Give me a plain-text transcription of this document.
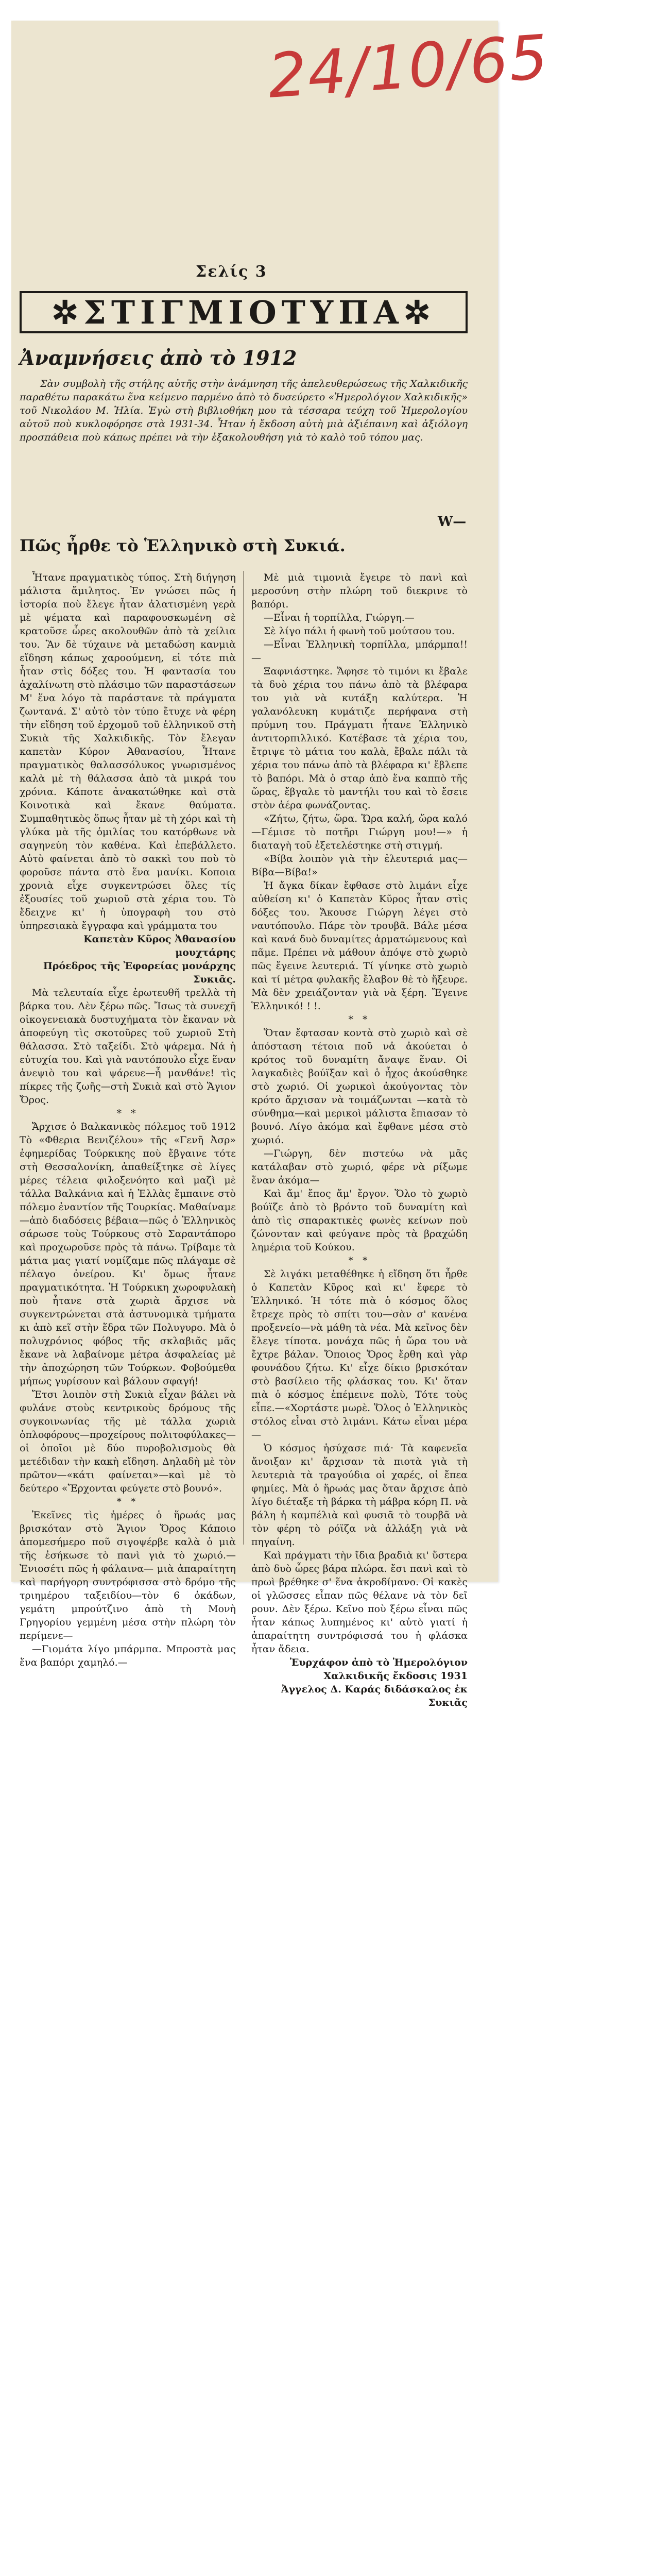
24/10/65
Σελίς 3
✲ΣΤΙΓΜΙΟΤΥΠΑ✲
Ἀναμνήσεις ἀπὸ τὸ 1912
Σὰν συμβολὴ τῆς στήλης αὐτῆς στὴν ἀνάμνηση τῆς ἀπελευθερώσεως τῆς Χαλκιδικῆς παραθέτω παρακάτω ἕνα κείμενο παρμένο ἀπὸ τὸ δυσεύρετο «Ἡμερολόγιον Χαλκιδικῆς» τοῦ Νικολάου Μ. Ἠλία. Ἐγὼ στὴ βιβλιοθήκη μου τὰ τέσσαρα τεύχη τοῦ Ἡμερολογίου αὐτοῦ ποὺ κυκλοφόρησε στὰ 1931-34. Ἦταν ἡ ἔκδοση αὐτὴ μιὰ ἀξιέπαινη καὶ ἀξιόλογη προσπάθεια ποὺ κάπως πρέπει νὰ τὴν ἐξακολουθήση γιὰ τὸ καλὸ τοῦ τόπου μας.
W—
Πῶς ἦρθε τὸ Ἑλληνικὸ στὴ Συκιά.

Ἦτανε πραγματικὸς τύπος. Στὴ διήγηση μάλιστα ἄμιλητος. Ἐν γνώσει πῶς ἡ ἱστορία ποὺ ἔλεγε ἦταν ἀλατισμένη γερὰ μὲ ψέματα καὶ παραφουσκωμένη σὲ κρατοῦσε ὧρες ακολουθῶν ἀπὸ τὰ χείλια του. Ἂν δὲ τύχαινε νὰ μεταδώση κανμιὰ εἴδηση κάπως χαροούμενη, εἰ τότε πιὰ ἦταν στὶς δόξες του. Ἡ φαντασία του ἀχαλίνωτη στὸ πλάσιμο τῶν παραστάσεων Μ' ἕνα λόγο τὰ παράστανε τὰ πράγματα ζωντανά. Σ' αὐτὸ τὸν τύπο ἔτυχε νὰ φέρη τὴν εἴδηση τοῦ ἐρχομοῦ τοῦ ἑλληνικοῦ στὴ Συκιὰ τῆς Χαλκιδικῆς. Τὸν ἔλεγαν καπετὰν Κύρον Ἀθανασίου, Ἦτανε πραγματικὸς θαλασσόλυκος γνωρισμένος καλὰ μὲ τὴ θάλασσα ἀπὸ τὰ μικρά του χρόνια. Κάποτε ἀνακατώθηκε καὶ στὰ Κοινοτικὰ καὶ ἔκανε θαύματα. Συμπαθητικὸς ὅπως ἦταν μὲ τὴ χόρι καὶ τὴ γλύκα μὰ τῆς ὁμιλίας του κατόρθωνε νὰ σαγηνεύη τὸν καθένα. Καὶ ἐπεβάλλετο. Αὐτὸ φαίνεται ἀπὸ τὸ σακκὶ του ποὺ τὸ φοροῦσε πάντα στὸ ἕνα μανίκι. Κοποια χρονιὰ εἶχε συγκεντρώσει ὅλες τίς ἐξουσίες τοῦ χωριοῦ στὰ χέρια του. Τὸ ἔδειχνε κι' ἡ ὑπογραφὴ του στὸ ὑπηρεσιακὰ ἔγγραφα καὶ γράμματα του

Καπετὰν Κῦρος Ἀθανασίου μουχτάρης

Πρόεδρος τῆς Ἐφορείας μονάρχης Συκιᾶς.

Μὰ τελευταία εἶχε ἐρωτευθῆ τρελλὰ τὴ βάρκα του. Δὲν ξέρω πῶς. Ἴσως τὰ συνεχῆ οἰκογενειακὰ δυστυχήματα τὸν ἔκαναν νὰ ἀποφεύγη τὶς σκοτοῦρες τοῦ χωριοῦ Στὴ θάλασσα. Στὸ ταξείδι. Στὸ ψάρεμα. Νά ἡ εὐτυχία του. Καὶ γιὰ ναυτόπουλο εἶχε ἕναν ἀνεψιὸ του καὶ ψάρευε—ἦ μανθάνε! τὶς πίκρες τῆς ζωῆς—στὴ Συκιὰ καὶ στὸ Ἅγιον Ὄρος.

* *

Ἄρχισε ὁ Βαλκανικὸς πόλεμος τοῦ 1912 Τὸ «Φθερια Βενιζέλου» τῆς «Γενῆ Ἀσρ» ἐφημερίδας Τούρκικης ποὺ ἔβγαινε τότε στὴ Θεσσαλονίκη, ἀπαθείξτηκε σὲ λίγες μέρες τέλεια φιλοξενόητο καὶ μαζὶ μὲ τάλλα Βαλκάνια καὶ ἡ Ἑλλὰς ἔμπαινε στὸ πόλεμο ἐναντίον τῆς Τουρκίας. Μαθαίναμε—ἀπὸ διαδόσεις βέβαια—πῶς ὁ Ἑλληνικὸς σάρωσε τοὺς Τούρκους στὸ Σαραντάπορο καὶ προχωροῦσε πρὸς τὰ πάνω. Τρίβαμε τὰ μάτια μας γιατί νομίζαμε πῶς πλάγαμε σὲ πέλαγο ὀνείρου. Κι' ὅμως ἦτανε πραγματικότητα. Ἡ Τούρκικη χωροφυλακὴ ποὺ ἦτανε στὰ χωριὰ ἄρχισε νὰ συγκεντρώνεται στὰ ἀστυνομικὰ τμήματα κι ἀπὸ κεῖ στὴν ἕδρα τῶν Πολυγυρο. Μὰ ὁ πολυχρόνιος φόβος τῆς σκλαβιᾶς μᾶς ἔκανε νὰ λαβαίνομε μέτρα ἀσφαλείας μὲ τὴν ἀποχώρηση τῶν Τούρκων. Φοβούμεθα μήπως γυρίσουν καὶ βάλουν σφαγή!

Ἔτσι λοιπὸν στὴ Συκιὰ εἶχαν βάλει νὰ φυλάνε στοὺς κεντρικοὺς δρόμους τῆς συγκοινωνίας τῆς μὲ τάλλα χωριὰ ὁπλοφόρους—προχείρους πολιτοφύλακες—οἱ ὁποῖοι μὲ δύο πυροβολισμοὺς θὰ μετέδιδαν τὴν κακὴ εἴδηση. Δηλαδὴ μὲ τὸν πρῶτον—«κάτι φαίνεται»—καὶ μὲ τὸ δεύτερο «Ἔρχονται φεύγετε στὸ βουνό».

* *

Ἐκεῖνες τὶς ἡμέρες ὁ ἥρωάς μας βρισκόταν στὸ Ἅγιον Ὄρος Κάποιο ἀπομεσήμερο ποῦ σιγοψέρβε καλὰ ὁ μιὰ τῆς ἐσήκωσε τὸ πανὶ γιὰ τὸ χωριό.—Ἐνιοσέτι πῶς ἡ φάλαινα— μιὰ ἀπαραίτητη καὶ παρήγορη συντρόφισσα στὸ δρόμο τῆς τριημέρου ταξειδίου—τὸν 6 ὀκάδων, γεμάτη μπρούτζινο ἀπὸ τὴ Μονὴ Γρηγορίου γεμμένη μέσα στὴν πλώρη τὸν περίμενε—

—Γιομάτα λίγο μπάρμπα. Μπροστὰ μας ἕνα βαπόρι χαμηλό.—

Μὲ μιὰ τιμονιὰ ἔγειρε τὸ πανὶ καὶ μεροσύνη στὴν πλώρη τοῦ διεκρινε τὸ βαπόρι.

—Εἶναι ἡ τορπίλλα, Γιώργη.—

Σὲ λίγο πάλι ἡ φωνὴ τοῦ μούτσου του.

—Εἶναι Ἑλληνικὴ τορπίλλα, μπάρμπα!!—

Ξαφνιάστηκε. Ἄφησε τὸ τιμόνι κι ἔβαλε τὰ δυὸ χέρια του πάνω ἀπὸ τὰ βλέφαρα του γιὰ νὰ κυτάξη καλύτερα. Ἡ γαλανόλευκη κυμάτιζε περήφανα στὴ πρύμνη του. Πράγματι ἦτανε Ἑλληνικὸ ἀντιτορπιλλικό. Κατέβασε τὰ χέρια του, ἔτριψε τὸ μάτια του καλὰ, ἔβαλε πάλι τὰ χέρια του πάνω ἀπὸ τὰ βλέφαρα κι' ἔβλεπε τὸ βαπόρι. Μὰ ὁ σταρ ἀπὸ ἕνα καππὸ τῆς ὥρας, ἔβγαλε τὸ μαντήλι του καὶ τὸ ἔσειε στὸν ἀέρα φωνάζοντας.

«Ζήτω, ζήτω, ὥρα. Ὥρα καλή, ὥρα καλό—Γέμισε τὸ ποτῆρι Γιώργη μου!—» ἡ διαταγὴ τοῦ ἐξετελέστηκε στὴ στιγμή.

«Βίβα λοιπὸν γιὰ τὴν ἐλευτεριά μας—Βίβα—Βίβα!»

Ἡ ἄγκα δίκαν ἔφθασε στὸ λιμάνι εἶχε αὐθείση κι' ὁ Καπετὰν Κῦρος ἦταν στὶς δόξες του. Ἄκουσε Γιώργη λέγει στὸ ναυτόπουλο. Πάρε τὸν τρουβᾶ. Βάλε μέσα καὶ κανά δυὸ δυναμίτες ἀρματώμενους καὶ πᾶμε. Πρέπει νὰ μάθουν ἀπόψε στὸ χωριὸ πῶς ἔγεινε λευτεριά. Τί γίνηκε στὸ χωριὸ καὶ τί μέτρα φυλακῆς ἔλαβον θὲ τὸ ἤξευρε. Μὰ δὲν χρειάζονταν γιὰ νὰ ξέρη. Ἔγεινε Ἑλληνικό! ! !.

* *

Ὅταν ἔφτασαν κοντὰ στὸ χωριὸ καὶ σὲ ἀπόσταση τέτοια ποῦ νἀ ἀκούεται ὁ κρότος τοῦ δυναμίτη ἄναψε ἕναν. Οἱ λαγκαδιὲς βούϊξαν καὶ ὁ ἦχος ἀκούσθηκε στὸ χωριό. Οἱ χωρικοὶ ἀκούγοντας τὸν κρότο ἄρχισαν νὰ τοιμάζωνται —κατὰ τὸ σύνθημα—καὶ μερικοὶ μάλιστα ἔπιασαν τὸ βουνό. Λίγο ἀκόμα καὶ ἔφθανε μέσα στὸ χωριό.

—Γιώργη, δὲν πιστεύω νὰ μᾶς κατάλαβαν στὸ χωριό, φέρε νὰ ρίξωμε ἕναν ἀκόμα—

Καὶ ἄμ' ἔπος ἄμ' ἔργον. Ὅλο τὸ χωριὸ βούϊζε ἀπὸ τὸ βρόντο τοῦ δυναμίτη καὶ ἀπὸ τὶς σπαρακτικὲς φωνὲς κείνων ποὺ ζώνονταν καὶ φεύγανε πρὸς τὰ βραχώδη λημέρια τοῦ Κούκου.

* *

Σὲ λιγάκι μεταθέθηκε ἡ εἴδηση ὅτι ἦρθε ὁ Καπετὰν Κῦρος καὶ κι' ἔφερε τὸ Ἑλληνικό. Ἡ τότε πιὰ ὁ κόσμος ὅλος ἔτρεχε πρὸς τὸ σπίτι του—σὰν σ' κανένα προξενείο—νὰ μάθη τὰ νέα. Μὰ κεῖνος δὲν ἔλεγε τίποτα. μονάχα πῶς ἡ ὥρα του νὰ ἔχτρε βάλαν. Ὄποιος Ὄρος ἔρθη καὶ γὰρ φουνάδου ζήτω. Κι' εἶχε δίκιο βρισκόταν στὸ βασίλειο τῆς φλάσκας του. Κι' ὅταν πιὰ ὁ κόσμος ἐπέμεινε πολὺ, Τότε τοὺς εἶπε.—«Χορτάστε μωρὲ. Ὅλος ὁ Ἑλληνικὸς στόλος εἶναι στὸ λιμάνι. Κάτω εἶναι μέρα—

Ὁ κόσμος ἡσύχασε πιά· Τὰ καφενεῖα ἄνοιξαν κι' ἄρχισαν τὰ πιοτὰ γιὰ τὴ λευτεριὰ τὰ τραγούδια οἱ χαρές, οἱ ἔπεα φημίες. Μὰ ὁ ἥρωάς μας ὅταν ἄρχισε ἀπὸ λίγο διέταξε τὴ βάρκα τὴ μάβρα κόρη Π. νὰ βάλη ἡ καμπέλιὰ καὶ φυσιᾶ τὸ τουρβᾶ νὰ τὸν φέρη τὸ ρόϊζα νὰ ἀλλάξη γιὰ νὰ πηγαίνη.

Καὶ πράγματι τὴν ἴδια βραδιὰ κι' ὕστερα ἀπὸ δυὸ ὧρες βάρα πλώρα. ἔσι πανὶ καὶ τὸ πρωὶ βρέθηκε σ' ἕνα ἀκροδίμανο. Οἱ κακὲς οἱ γλῶσσες εἶπαν πῶς θέλανε νὰ τὸν δεῖ ρουν. Δὲν ξέρω. Κεῖνο ποὺ ξέρω εἶναι πῶς ἦταν κάπως λυπημένος κι' αὐτὸ γιατί ἡ ἀπαραίτητη συντρόφισσά του ἡ φλάσκα ἦταν ἄδεια.

Ἐυρχάφον ἀπὸ τὸ Ἡμερολόγιον Χαλκιδικῆς ἔκδοσις 1931

Ἀγγελος Δ. Καράς διδάσκαλος ἐκ Συκιᾶς
